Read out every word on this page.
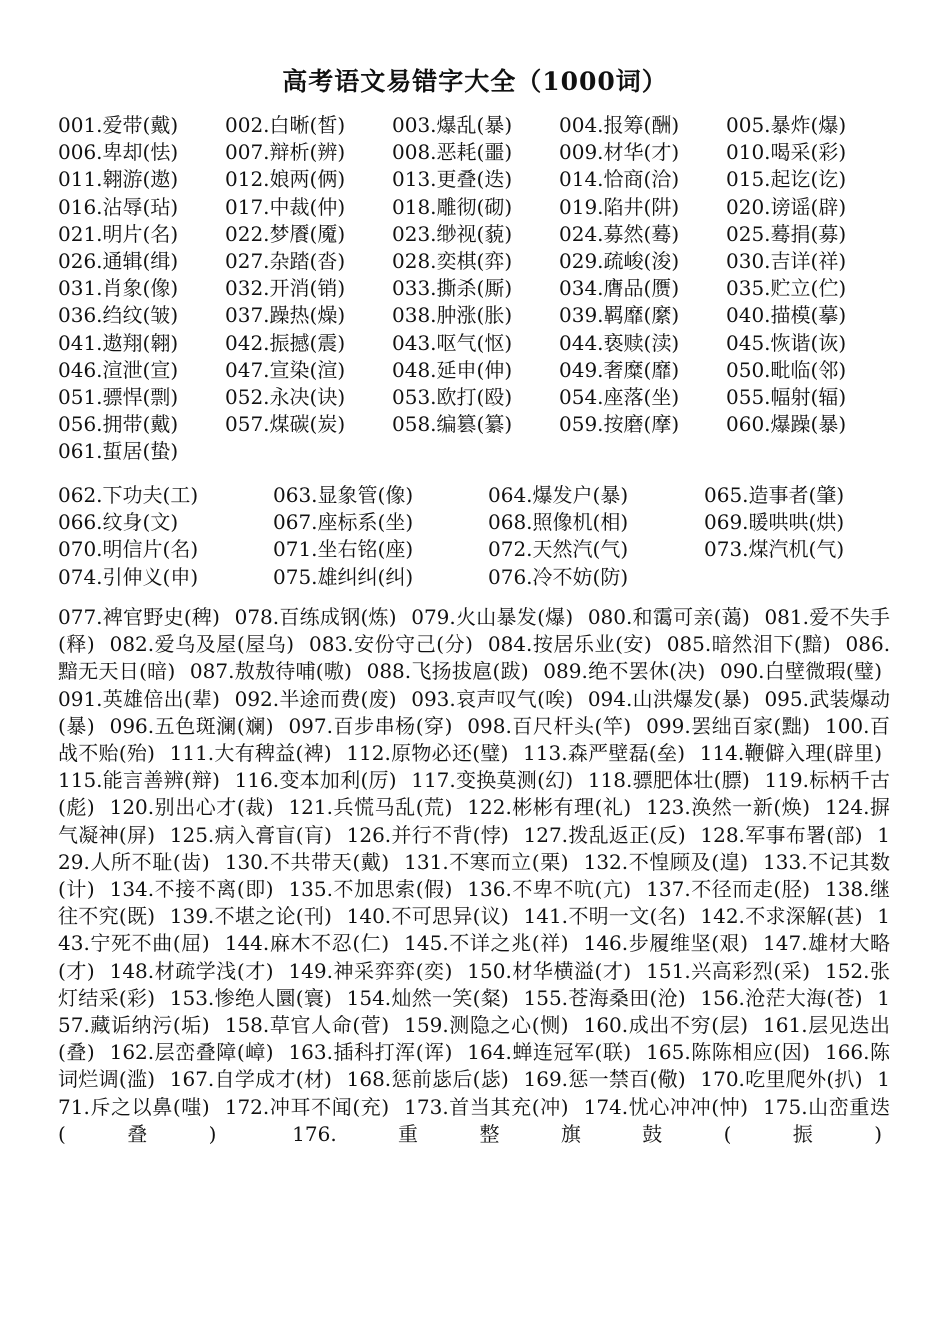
高考语文易错字大全（1000词）
001.爱带(戴)	002.白晰(皙)	003.爆乱(暴)	004.报筹(酬)	005.暴炸(爆)
006.卑却(怯)	007.辩析(辨)	008.恶耗(噩)	009.材华(才)	010.喝采(彩)
011.翱游(遨)	012.娘两(俩)	013.更叠(迭)	014.恰商(洽)	015.起讫(讫)
016.沾辱(玷)	017.中裁(仲)	018.雕彻(砌)	019.陷井(阱)	020.谤谣(辟)
021.明片(名)	022.梦餍(魇)	023.缈视(藐)	024.募然(蓦)	025.蓦捐(募)
026.通辑(缉)	027.杂踏(沓)	028.奕棋(弈)	029.疏峻(浚)	030.吉详(祥)
031.肖象(像)	032.开消(销)	033.撕杀(厮)	034.膺品(赝)	035.贮立(伫)
036.绉纹(皱)	037.躁热(燥)	038.肿涨(胀)	039.羁靡(縻)	040.描模(摹)
041.遨翔(翱)	042.振撼(震)	043.呕气(怄)	044.亵赎(渎)	045.恢谐(诙)
046.渲泄(宣)	047.宣染(渲)	048.延申(伸)	049.奢糜(靡)	050.毗临(邻)
051.骠悍(剽)	052.永决(诀)	053.欧打(殴)	054.座落(坐)	055.幅射(辐)
056.拥带(戴)	057.煤碳(炭)	058.编篡(纂)	059.按磨(摩)	060.爆躁(暴)
061.蜇居(蛰)
062.下功夫(工)	063.显象管(像)	064.爆发户(暴)	065.造事者(肇)
066.纹身(文)	067.座标系(坐)	068.照像机(相)	069.暖哄哄(烘)
070.明信片(名)	071.坐右铭(座)	072.天然汽(气)	073.煤汽机(气)
074.引伸义(申)	075.雄纠纠(纠)	076.冷不妨(防)
077.裨官野史(稗) 078.百练成钢(炼) 079.火山暴发(爆) 080.和霭可亲(蔼) 081.爱不失手(释) 082.爱乌及屋(屋乌) 083.安份守己(分) 084.按居乐业(安) 085.暗然泪下(黯) 086.黯无天日(暗) 087.敖敖待哺(嗷) 088.飞扬拔扈(跋) 089.绝不罢休(决) 090.白壁微瑕(璧) 091.英雄倍出(辈) 092.半途而费(废) 093.哀声叹气(唉) 094.山洪爆发(暴) 095.武装爆动(暴) 096.五色斑澜(斓) 097.百步串杨(穿) 098.百尺杆头(竿) 099.罢绌百家(黜) 100.百战不贻(殆) 111.大有稗益(裨) 112.原物必还(璧) 113.森严壁磊(垒) 114.鞭僻入理(辟里) 115.能言善辨(辩) 116.变本加利(厉) 117.变换莫测(幻) 118.骠肥体壮(膘) 119.标柄千古(彪) 120.别出心才(裁) 121.兵慌马乱(荒) 122.彬彬有理(礼) 123.涣然一新(焕) 124.摒气凝神(屏) 125.病入膏盲(肓) 126.并行不背(悖) 127.拨乱返正(反) 128.军事布署(部) 129.人所不耻(齿) 130.不共带天(戴) 131.不寒而立(栗) 132.不惶顾及(遑) 133.不记其数(计) 134.不接不离(即) 135.不加思索(假) 136.不卑不吭(亢) 137.不径而走(胫) 138.继往不究(既) 139.不堪之论(刊) 140.不可思异(议) 141.不明一文(名) 142.不求深解(甚) 143.宁死不曲(屈) 144.麻木不忍(仁) 145.不详之兆(祥) 146.步履维坚(艰) 147.雄材大略(才) 148.材疏学浅(才) 149.神采弈弈(奕) 150.材华横溢(才) 151.兴高彩烈(采) 152.张灯结采(彩) 153.惨绝人圜(寰) 154.灿然一笑(粲) 155.苍海桑田(沧) 156.沧茫大海(苍) 157.藏诟纳污(垢) 158.草官人命(菅) 159.测隐之心(恻) 160.成出不穷(层) 161.层见迭出(叠) 162.层峦叠障(嶂) 163.插科打浑(诨) 164.蝉连冠军(联) 165.陈陈相应(因) 166.陈词烂调(滥) 167.自学成才(材) 168.惩前毖后(毖) 169.惩一禁百(儆) 170.吃里爬外(扒) 171.斥之以鼻(嗤) 172.冲耳不闻(充) 173.首当其充(冲) 174.忧心冲冲(忡) 175.山峦重迭(叠)	176.重整旗鼓(振)
